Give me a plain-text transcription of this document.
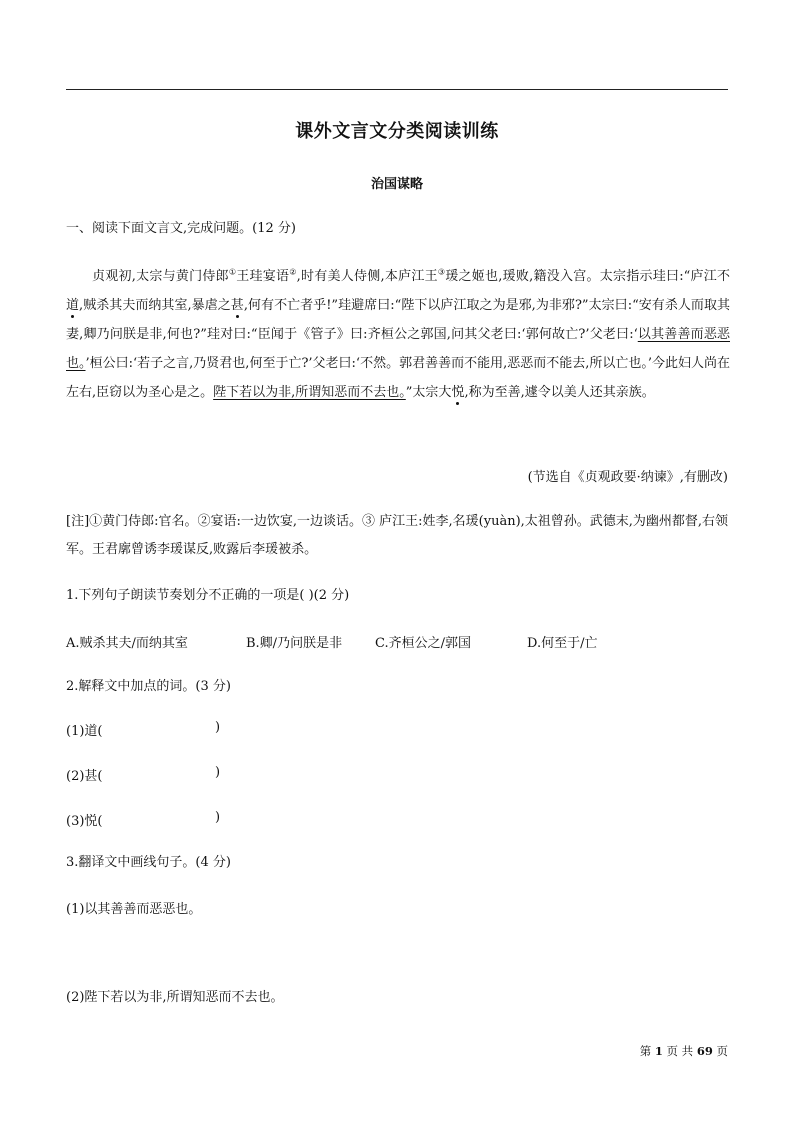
课外文言文分类阅读训练
治国谋略
一、阅读下面文言文,完成问题。(12 分)

贞观初,太宗与黄门侍郎①王珪宴语②,时有美人侍侧,本庐江王③瑗之姬也,瑗败,籍没入宫。太宗指示珪曰:“庐江不道,贼杀其夫而纳其室,暴虐之甚,何有不亡者乎!”珪避席曰:“陛下以庐江取之为是邪,为非邪?”太宗曰:“安有杀人而取其妻,卿乃问朕是非,何也?”珪对曰:“臣闻于《管子》曰:齐桓公之郭国,问其父老曰:‘郭何故亡?’父老曰:‘以其善善而恶恶也。’桓公曰:‘若子之言,乃贤君也,何至于亡?’父老曰:‘不然。郭君善善而不能用,恶恶而不能去,所以亡也。’今此妇人尚在左右,臣窃以为圣心是之。陛下若以为非,所谓知恶而不去也。”太宗大悦,称为至善,遽令以美人还其亲族。

(节选自《贞观政要·纳谏》,有删改)
[注]①黄门侍郎:官名。②宴语:一边饮宴,一边谈话。③ 庐江王:姓李,名瑗(yuàn),太祖曾孙。武德末,为幽州都督,右领军。王君廓曾诱李瑗谋反,败露后李瑗被杀。
1.下列句子朗读节奏划分不正确的一项是( )(2 分)
A.贼杀其夫/而纳其室	B.卿/乃问朕是非	C.齐桓公之/郭国	D.何至于/亡
2.解释文中加点的词。(3 分)
(1)道(	)
(2)甚(	)
(3)悦(	)
3.翻译文中画线句子。(4 分)
(1)以其善善而恶恶也。
(2)陛下若以为非,所谓知恶而不去也。
第 1 页 共 69 页
